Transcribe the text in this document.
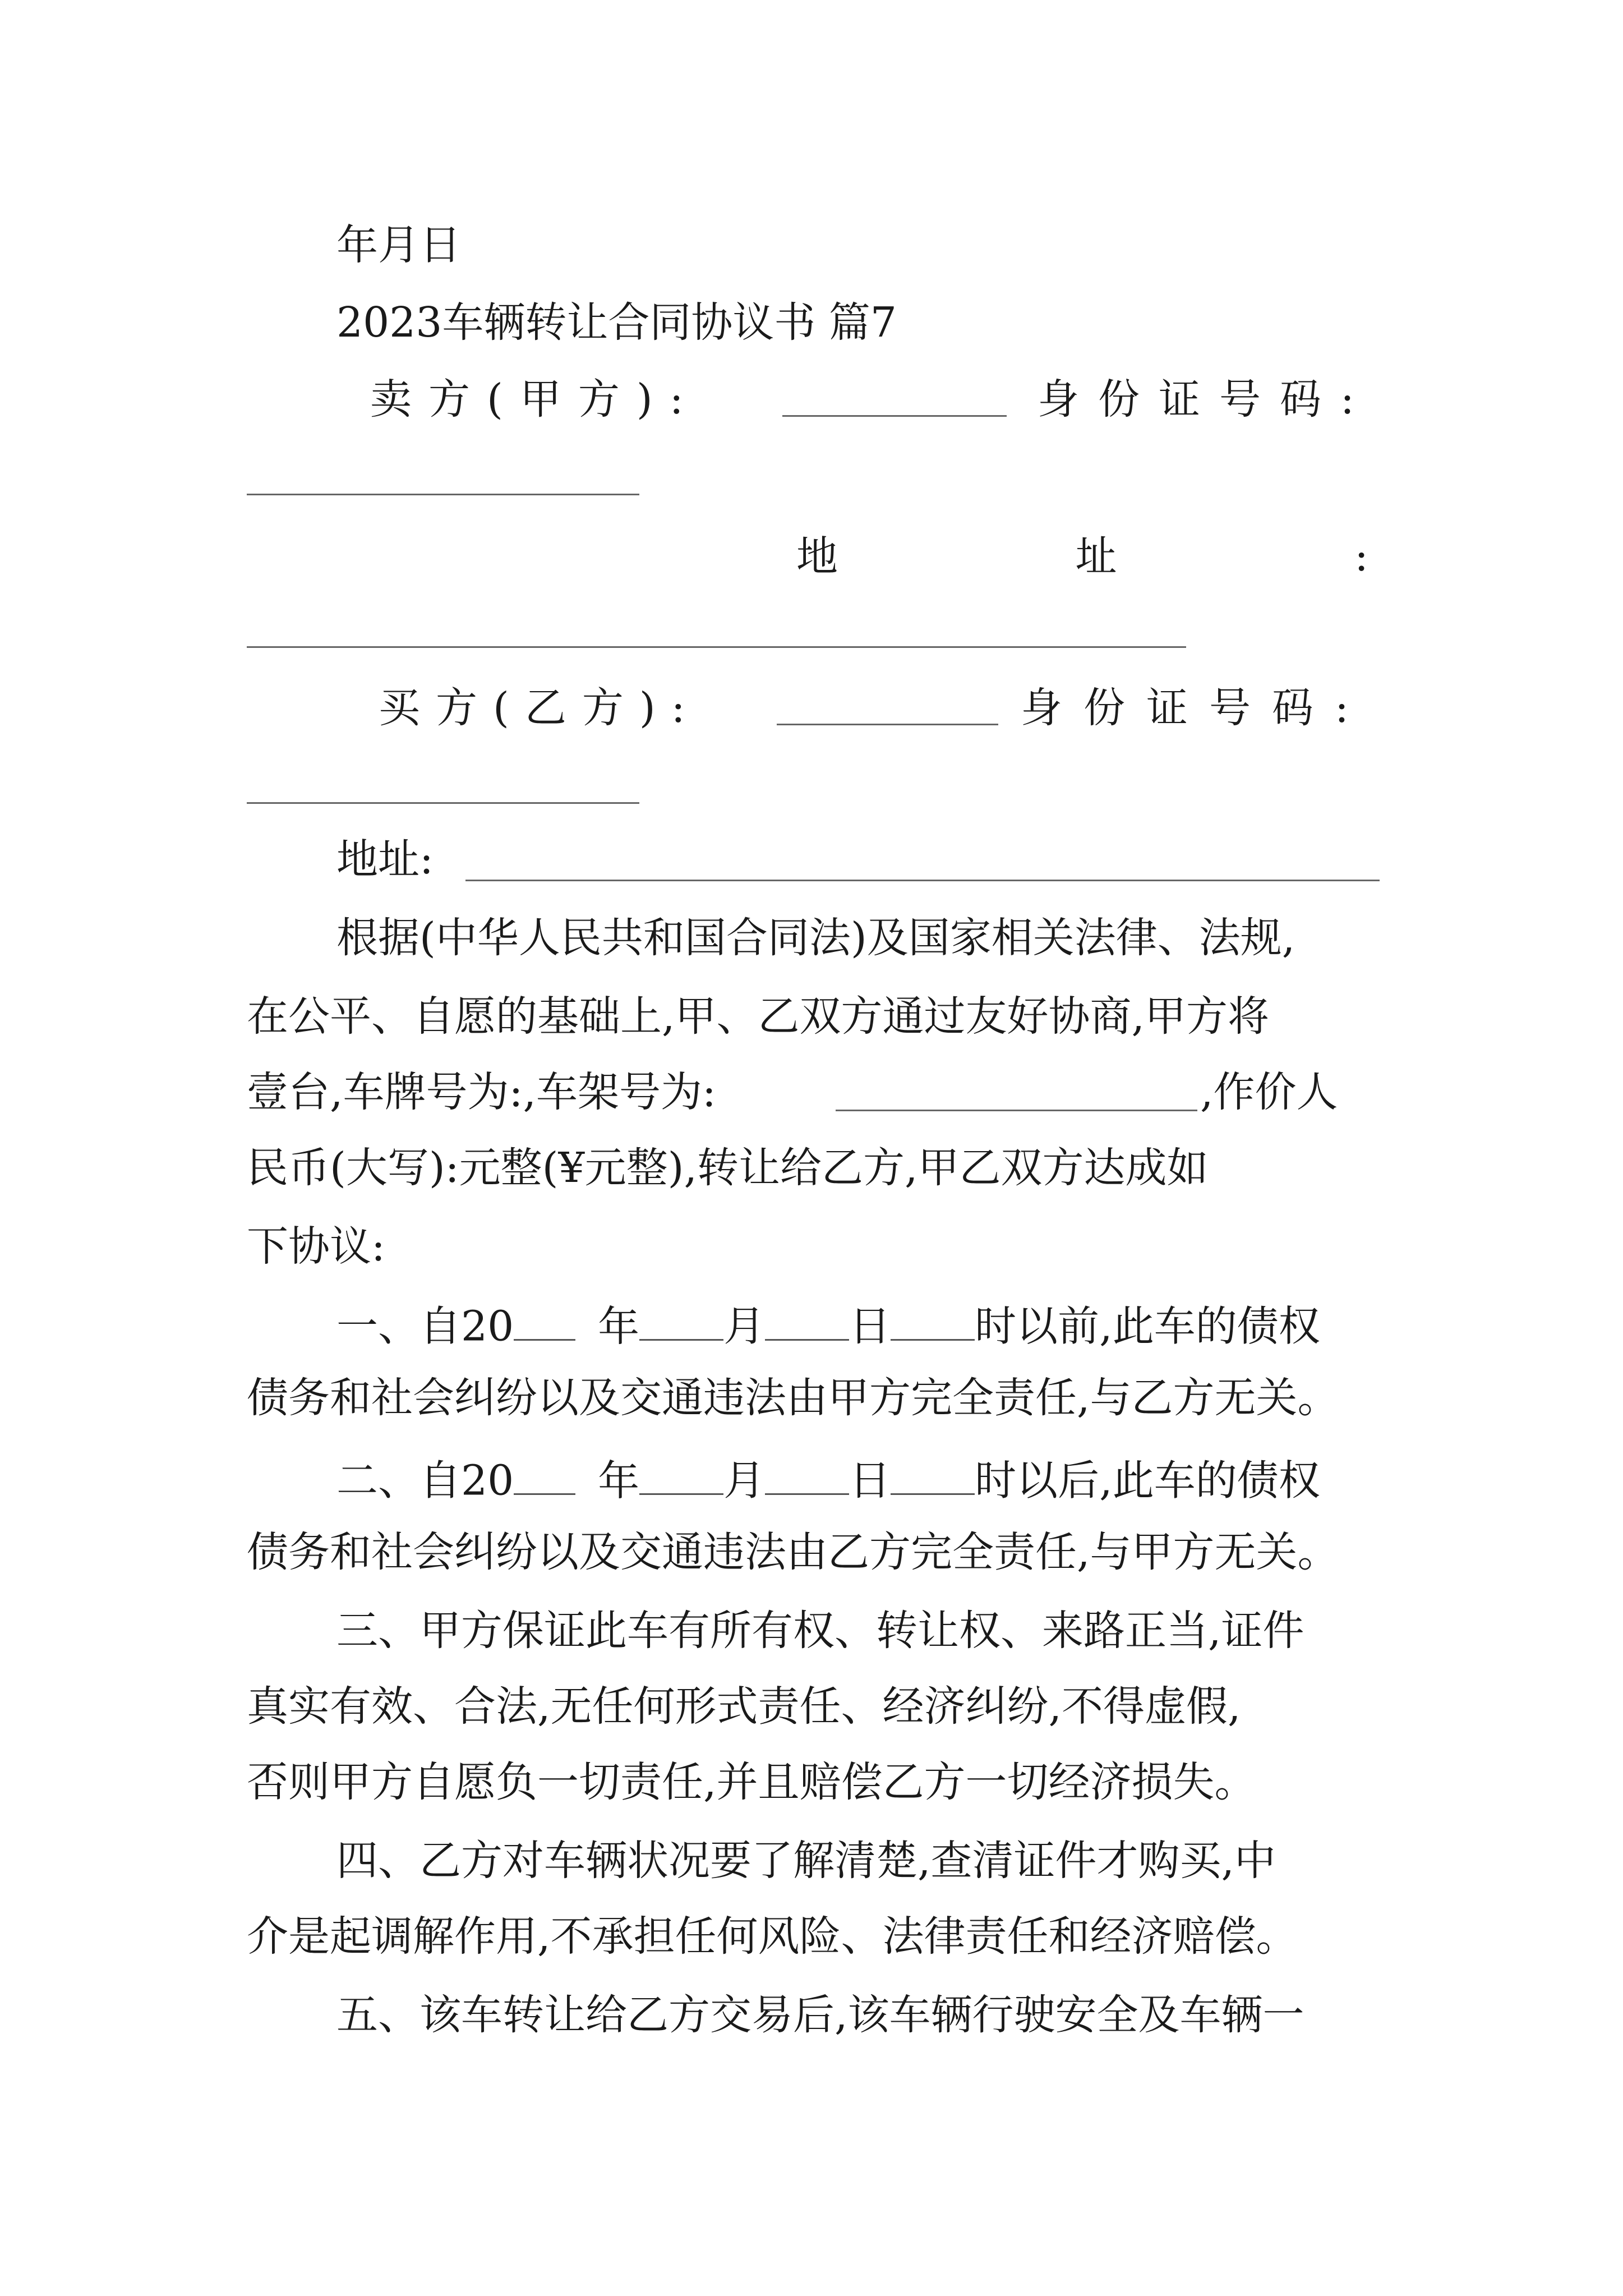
年月日
2023车辆转让合同协议书 篇7
卖方(甲方):	身份证号码:
地	址	:
买方(乙方):	身份证号码:
地址:
根据(中华人民共和国合同法)及国家相关法律、法规,
在公平、自愿的基础上,甲、乙双方通过友好协商,甲方将
壹台,车牌号为:,车架号为:	,作价人
民币(大写):元整(¥元整),转让给乙方,甲乙双方达成如
下协议:
一、自20 年 月 日 时以前,此车的债权
债务和社会纠纷以及交通违法由甲方完全责任,与乙方无关。
二、自20 年 月 日 时以后,此车的债权
债务和社会纠纷以及交通违法由乙方完全责任,与甲方无关。
三、甲方保证此车有所有权、转让权、来路正当,证件
真实有效、合法,无任何形式责任、经济纠纷,不得虚假,
否则甲方自愿负一切责任,并且赔偿乙方一切经济损失。
四、乙方对车辆状况要了解清楚,查清证件才购买,中
介是起调解作用,不承担任何风险、法律责任和经济赔偿。
五、该车转让给乙方交易后,该车辆行驶安全及车辆一
